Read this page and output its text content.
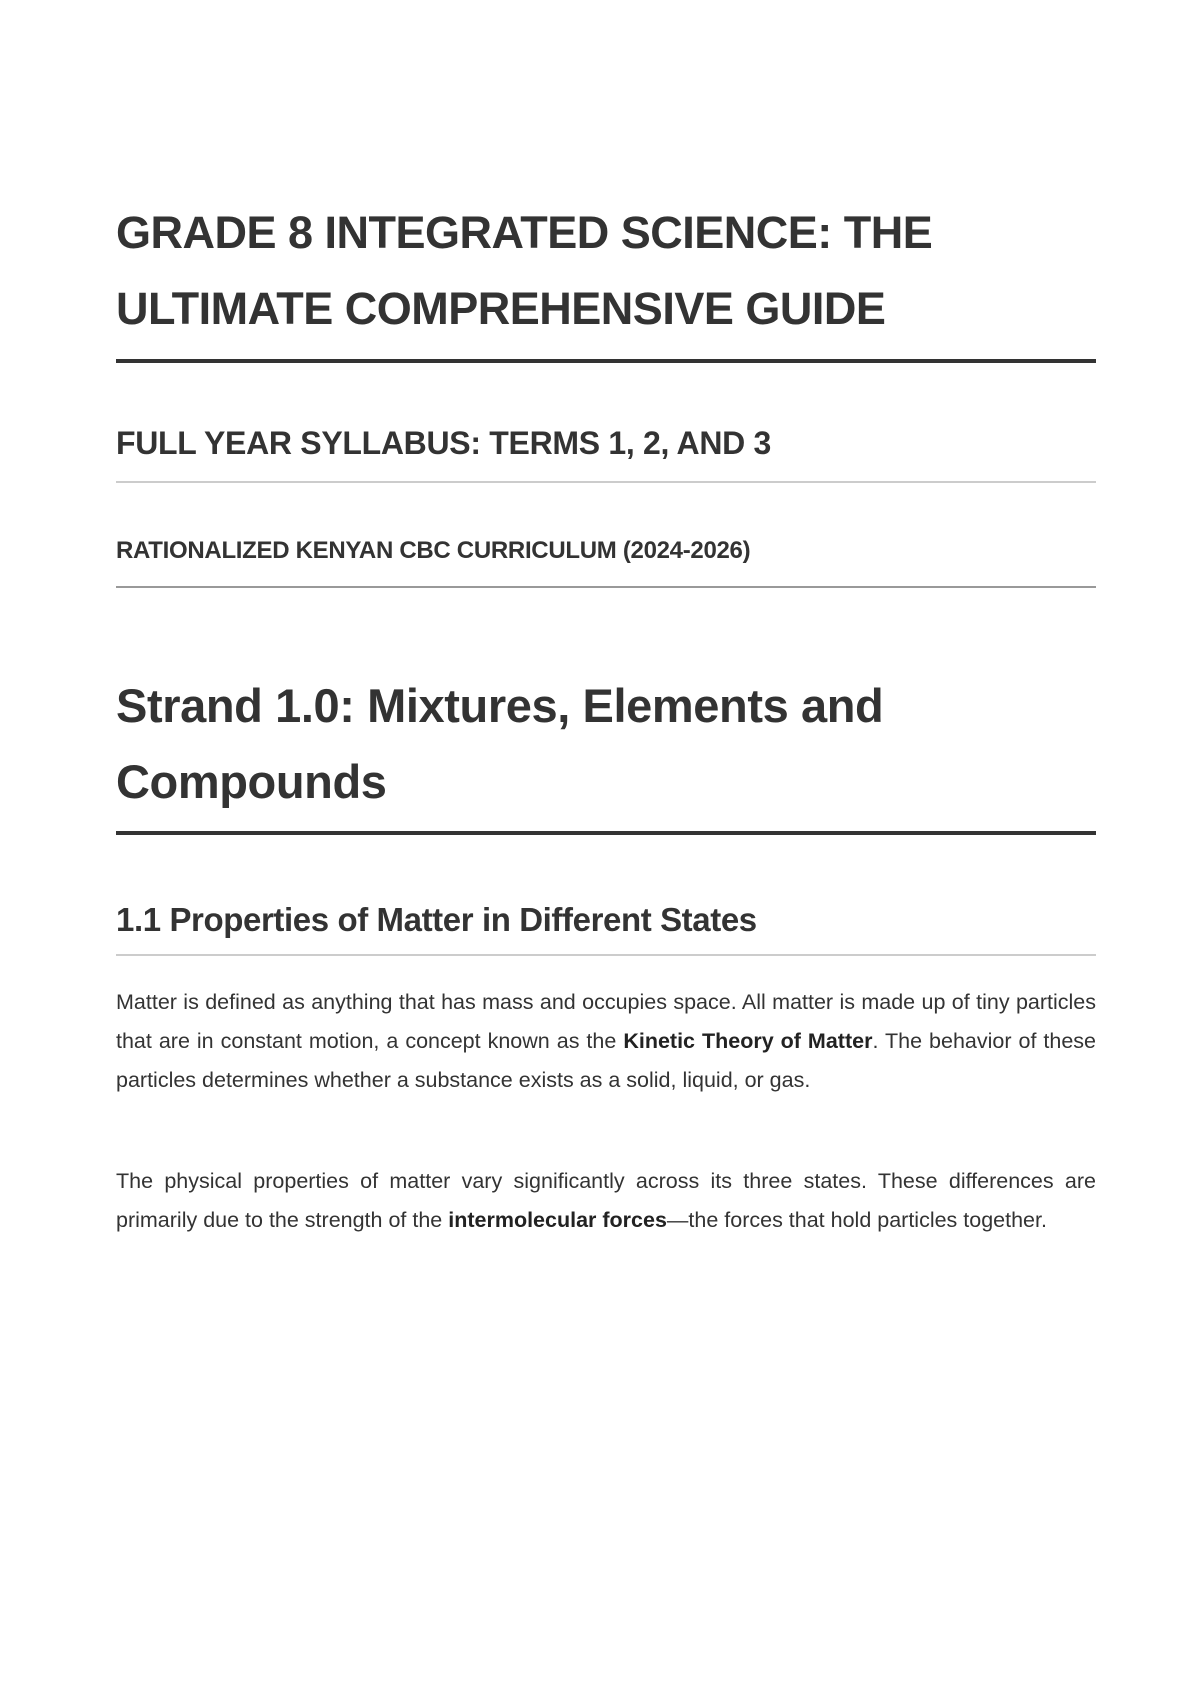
GRADE 8 INTEGRATED SCIENCE: THE ULTIMATE COMPREHENSIVE GUIDE
FULL YEAR SYLLABUS: TERMS 1, 2, AND 3
RATIONALIZED KENYAN CBC CURRICULUM (2024-2026)
Strand 1.0: Mixtures, Elements and Compounds
1.1 Properties of Matter in Different States

Matter is defined as anything that has mass and occupies space. All matter is made up of tiny particles that are in constant motion, a concept known as the Kinetic Theory of Matter. The behavior of these particles determines whether a substance exists as a solid, liquid, or gas.

The physical properties of matter vary significantly across its three states. These differences are primarily due to the strength of the intermolecular forces—the forces that hold particles together.
